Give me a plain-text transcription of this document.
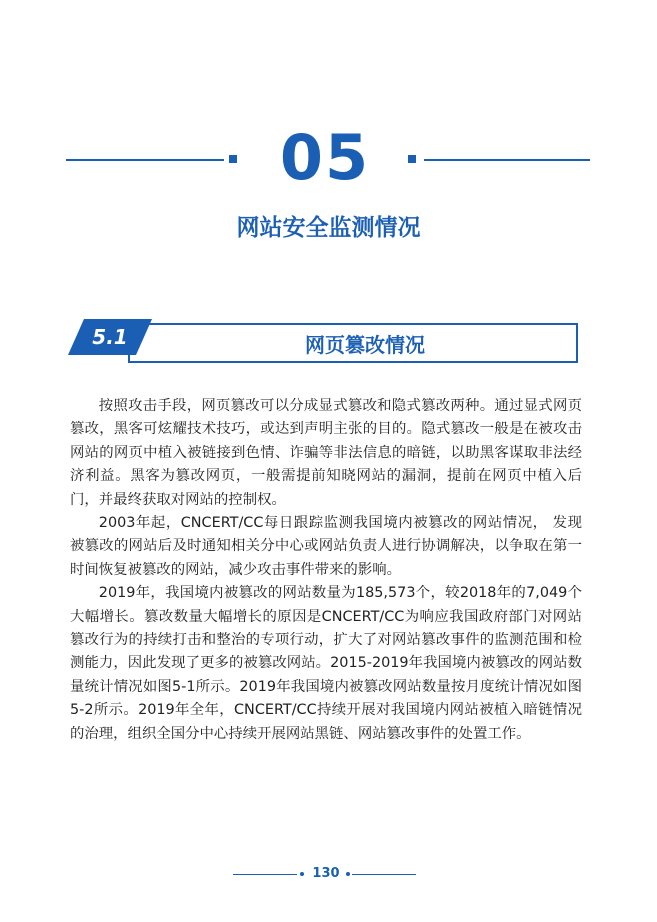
05
网站安全监测情况
5.1	网页篡改情况

按照攻击手段，网页篡改可以分成显式篡改和隐式篡改两种。通过显式网页篡改，黑客可炫耀技术技巧，或达到声明主张的目的。隐式篡改一般是在被攻击网站的网页中植入被链接到色情、诈骗等非法信息的暗链，以助黑客谋取非法经济利益。黑客为篡改网页，一般需提前知晓网站的漏洞，提前在网页中植入后门，并最终获取对网站的控制权。

2003年起，CNCERT/CC每日跟踪监测我国境内被篡改的网站情况， 发现被篡改的网站后及时通知相关分中心或网站负责人进行协调解决，以争取在第一时间恢复被篡改的网站，减少攻击事件带来的影响。

2019年，我国境内被篡改的网站数量为185,573个，较2018年的7,049个大幅增长。篡改数量大幅增长的原因是CNCERT/CC为响应我国政府部门对网站篡改行为的持续打击和整治的专项行动，扩大了对网站篡改事件的监测范围和检测能力，因此发现了更多的被篡改网站。2015-2019年我国境内被篡改的网站数量统计情况如图5-1所示。2019年我国境内被篡改网站数量按月度统计情况如图5-2所示。2019年全年，CNCERT/CC持续开展对我国境内网站被植入暗链情况的治理，组织全国分中心持续开展网站黑链、网站篡改事件的处置工作。

130
